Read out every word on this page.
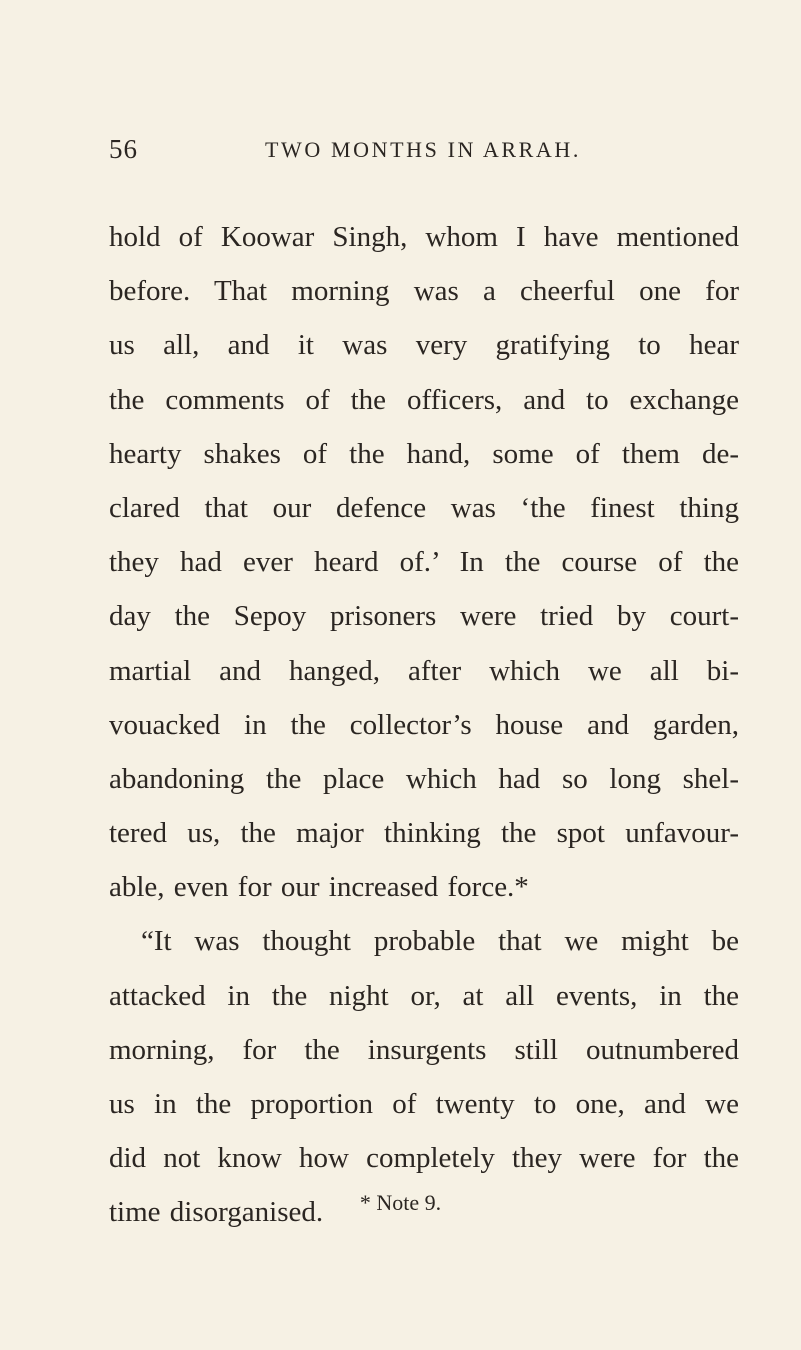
56	TWO MONTHS IN ARRAH.
hold of Koowar Singh, whom I have mentioned
before. That morning was a cheerful one for
us all, and it was very gratifying to hear
the comments of the officers, and to exchange
hearty shakes of the hand, some of them de-
clared that our defence was ‘the finest thing
they had ever heard of.’ In the course of the
day the Sepoy prisoners were tried by court-
martial and hanged, after which we all bi-
vouacked in the collector’s house and garden,
abandoning the place which had so long shel-
tered us, the major thinking the spot unfavour-
able, even for our increased force.*
“It was thought probable that we might be
attacked in the night or, at all events, in the
morning, for the insurgents still outnumbered
us in the proportion of twenty to one, and we
did not know how completely they were for the
time disorganised.	* Note 9.
